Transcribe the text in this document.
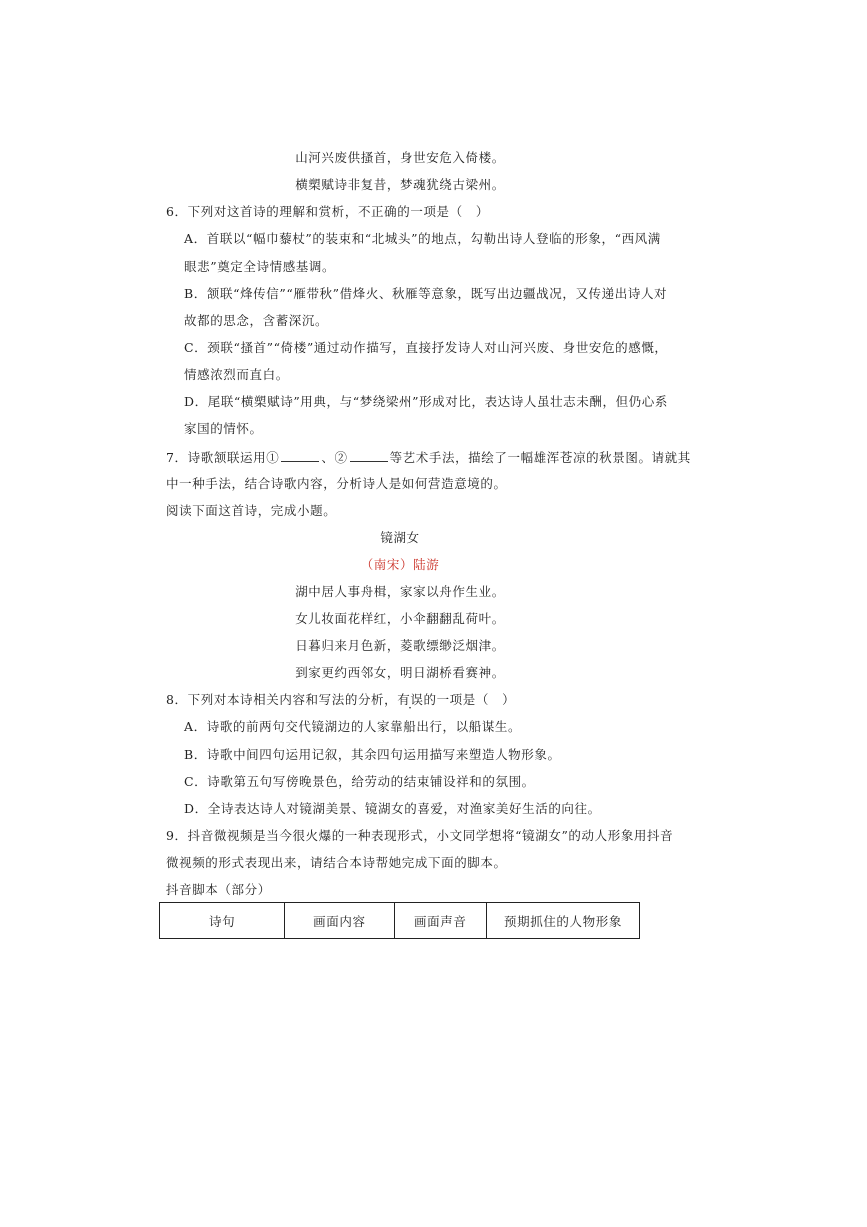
山河兴废供搔首，身世安危入倚楼。
横槊赋诗非复昔，梦魂犹绕古梁州。
6．下列对这首诗的理解和赏析，不正确的一项是（　）
A．首联以“幅巾藜杖”的装束和“北城头”的地点，勾勒出诗人登临的形象，“西风满
眼悲”奠定全诗情感基调。
B．颔联“烽传信”“雁带秋”借烽火、秋雁等意象，既写出边疆战况，又传递出诗人对
故都的思念，含蓄深沉。
C．颈联“搔首”“倚楼”通过动作描写，直接抒发诗人对山河兴废、身世安危的感慨，
情感浓烈而直白。
D．尾联“横槊赋诗”用典，与“梦绕梁州”形成对比，表达诗人虽壮志未酬，但仍心系
家国的情怀。
7．诗歌颔联运用①	、②	等艺术手法，描绘了一幅雄浑苍凉的秋景图。请就其
中一种手法，结合诗歌内容，分析诗人是如何营造意境的。
阅读下面这首诗，完成小题。
镜湖女
（南宋）陆游
湖中居人事舟楫，家家以舟作生业。
女儿妆面花样红，小伞翻翻乱荷叶。
日暮归来月色新，菱歌缥缈泛烟津。
到家更约西邻女，明日湖桥看赛神。
8．下列对本诗相关内容和写法的分析，有误的一项是（　）
A．诗歌的前两句交代镜湖边的人家靠船出行，以船谋生。
B．诗歌中间四句运用记叙，其余四句运用描写来塑造人物形象。
C．诗歌第五句写傍晚景色，给劳动的结束铺设祥和的氛围。
D．全诗表达诗人对镜湖美景、镜湖女的喜爱，对渔家美好生活的向往。
9．抖音微视频是当今很火爆的一种表现形式，小文同学想将“镜湖女”的动人形象用抖音
微视频的形式表现出来，请结合本诗帮她完成下面的脚本。
抖音脚本（部分）
诗句	画面内容	画面声音	预期抓住的人物形象
